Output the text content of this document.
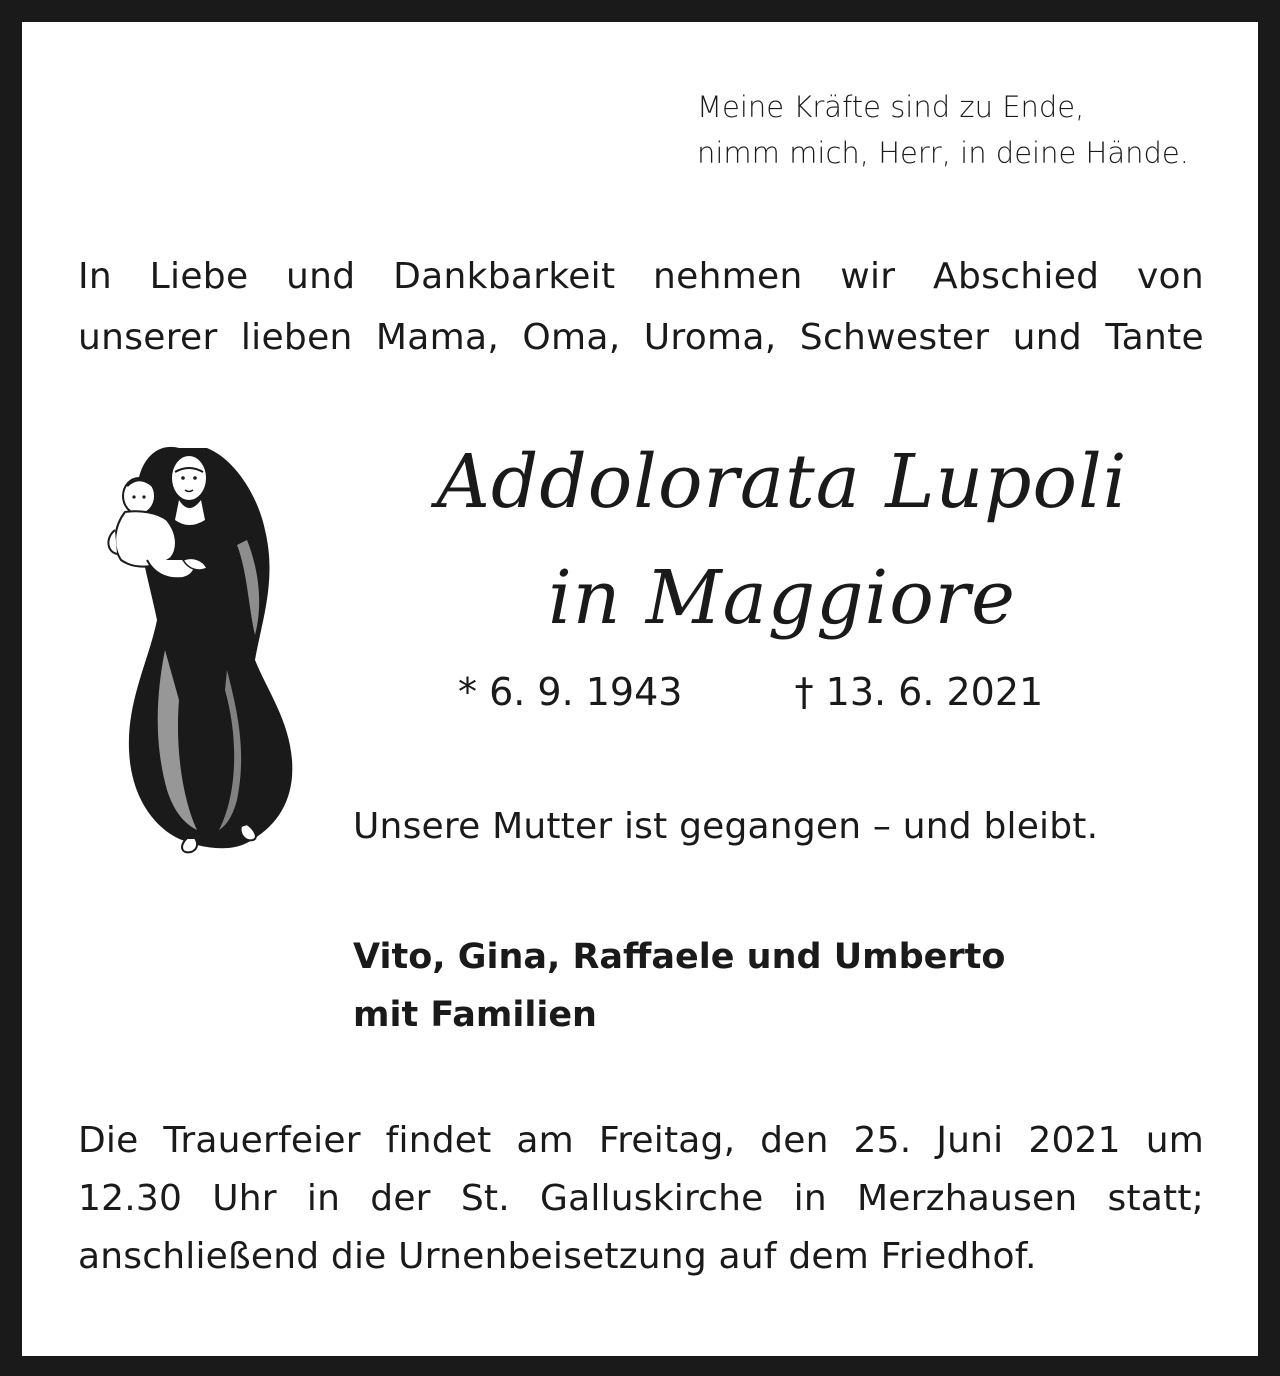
Meine Kräfte sind zu Ende,
nimm mich, Herr, in deine Hände.
In Liebe und Dankbarkeit nehmen wir Abschied von
unserer lieben Mama, Oma, Uroma, Schwester und Tante
Addolorata Lupoli
in Maggiore
* 6. 9. 1943	† 13. 6. 2021
Unsere Mutter ist gegangen – und bleibt.
Vito, Gina, Raffaele und Umberto
mit Familien
Die Trauerfeier findet am Freitag, den 25. Juni 2021 um
12.30 Uhr in der St. Galluskirche in Merzhausen statt;
anschließend die Urnenbeisetzung auf dem Friedhof.
